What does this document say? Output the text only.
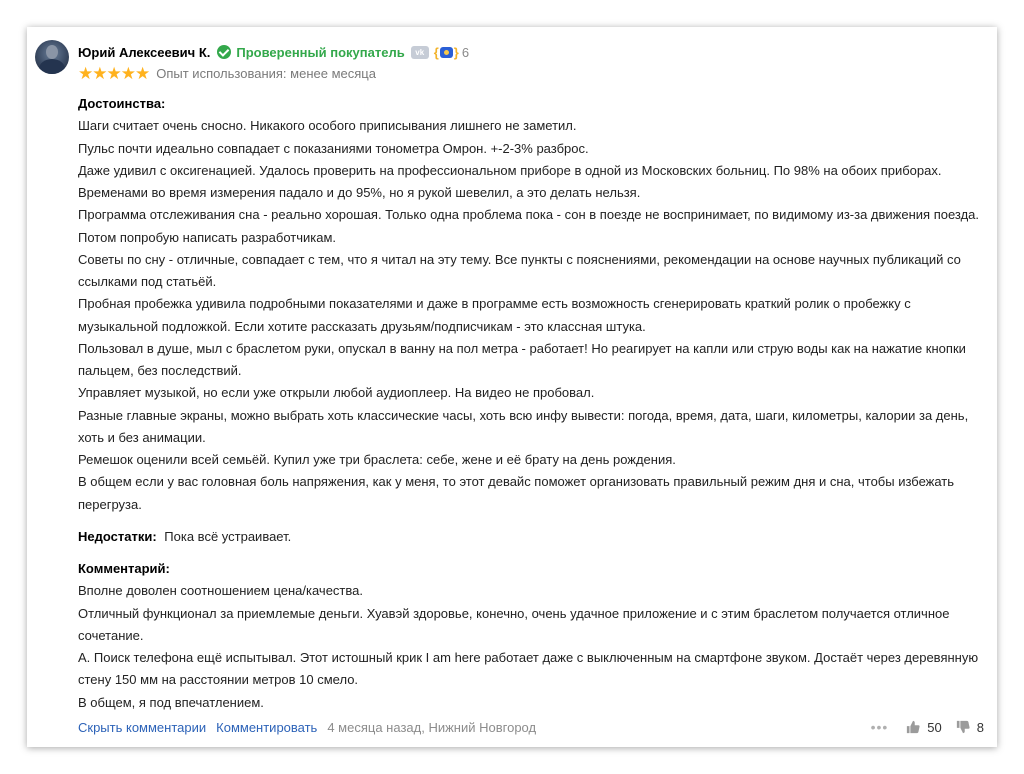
Юрий Алексеевич К. Проверенный покупатель	vk { } 6
★ ★ ★ ★ ★ Опыт использования: менее месяца
Достоинства:
Шаги считает очень сносно. Никакого особого приписывания лишнего не заметил.
Пульс почти идеально совпадает с показаниями тонометра Омрон. +-2-3% разброс.
Даже удивил с оксигенацией. Удалось проверить на профессиональном приборе в одной из Московских больниц. По 98% на обоих приборах. Временами во время измерения падало и до 95%, но я рукой шевелил, а это делать нельзя.
Программа отслеживания сна - реально хорошая. Только одна проблема пока - сон в поезде не воспринимает, по видимому из-за движения поезда. Потом попробую написать разработчикам.
Советы по сну - отличные, совпадает с тем, что я читал на эту тему. Все пункты с пояснениями, рекомендации на основе научных публикаций со ссылками под статьёй.
Пробная пробежка удивила подробными показателями и даже в программе есть возможность сгенерировать краткий ролик о пробежку с музыкальной подложкой. Если хотите рассказать друзьям/подписчикам - это классная штука.
Пользовал в душе, мыл с браслетом руки, опускал в ванну на пол метра - работает! Но реагирует на капли или струю воды как на нажатие кнопки пальцем, без последствий.
Управляет музыкой, но если уже открыли любой аудиоплеер. На видео не пробовал.
Разные главные экраны, можно выбрать хоть классические часы, хоть всю инфу вывести: погода, время, дата, шаги, километры, калории за день, хоть и без анимации.
Ремешок оценили всей семьёй. Купил уже три браслета: себе, жене и её брату на день рождения.
В общем если у вас головная боль напряжения, как у меня, то этот девайс поможет организовать правильный режим дня и сна, чтобы избежать перегруза.
Недостатки: Пока всё устраивает.
Комментарий:
Вполне доволен соотношением цена/качества.
Отличный функционал за приемлемые деньги. Хуавэй здоровье, конечно, очень удачное приложение и с этим браслетом получается отличное сочетание.
А. Поиск телефона ещё испытывал. Этот истошный крик I am here работает даже с выключенным на смартфоне звуком. Достаёт через деревянную стену 150 мм на расстоянии метров 10 смело.
В общем, я под впечатлением.
Скрыть комментарии Комментировать 4 месяца назад, Нижний Новгород	•••	50	8
